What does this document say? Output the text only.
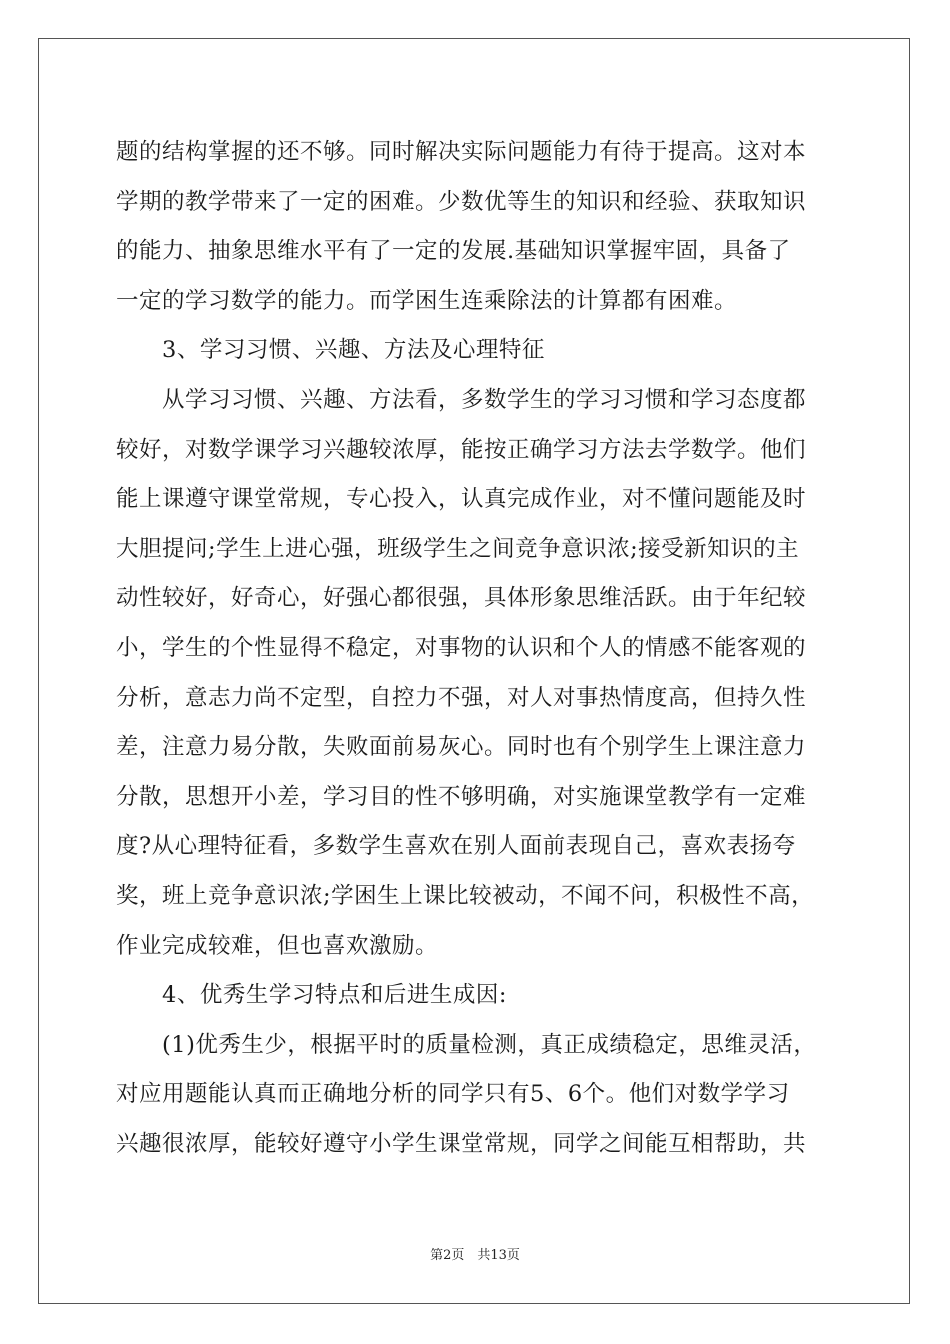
题的结构掌握的还不够。同时解决实际问题能力有待于提高。这对本
学期的教学带来了一定的困难。少数优等生的知识和经验、获取知识
的能力、抽象思维水平有了一定的发展.基础知识掌握牢固，具备了
一定的学习数学的能力。而学困生连乘除法的计算都有困难。
3、学习习惯、兴趣、方法及心理特征
从学习习惯、兴趣、方法看，多数学生的学习习惯和学习态度都
较好，对数学课学习兴趣较浓厚，能按正确学习方法去学数学。他们
能上课遵守课堂常规，专心投入，认真完成作业，对不懂问题能及时
大胆提问;学生上进心强，班级学生之间竞争意识浓;接受新知识的主
动性较好，好奇心，好强心都很强，具体形象思维活跃。由于年纪较
小，学生的个性显得不稳定，对事物的认识和个人的情感不能客观的
分析，意志力尚不定型，自控力不强，对人对事热情度高，但持久性
差，注意力易分散，失败面前易灰心。同时也有个别学生上课注意力
分散，思想开小差，学习目的性不够明确，对实施课堂教学有一定难
度?从心理特征看，多数学生喜欢在别人面前表现自己，喜欢表扬夸
奖，班上竞争意识浓;学困生上课比较被动，不闻不问，积极性不高，
作业完成较难，但也喜欢激励。
4、优秀生学习特点和后进生成因:
(1)优秀生少，根据平时的质量检测，真正成绩稳定，思维灵活，
对应用题能认真而正确地分析的同学只有5、6个。他们对数学学习
兴趣很浓厚，能较好遵守小学生课堂常规，同学之间能互相帮助，共
第2页　共13页
